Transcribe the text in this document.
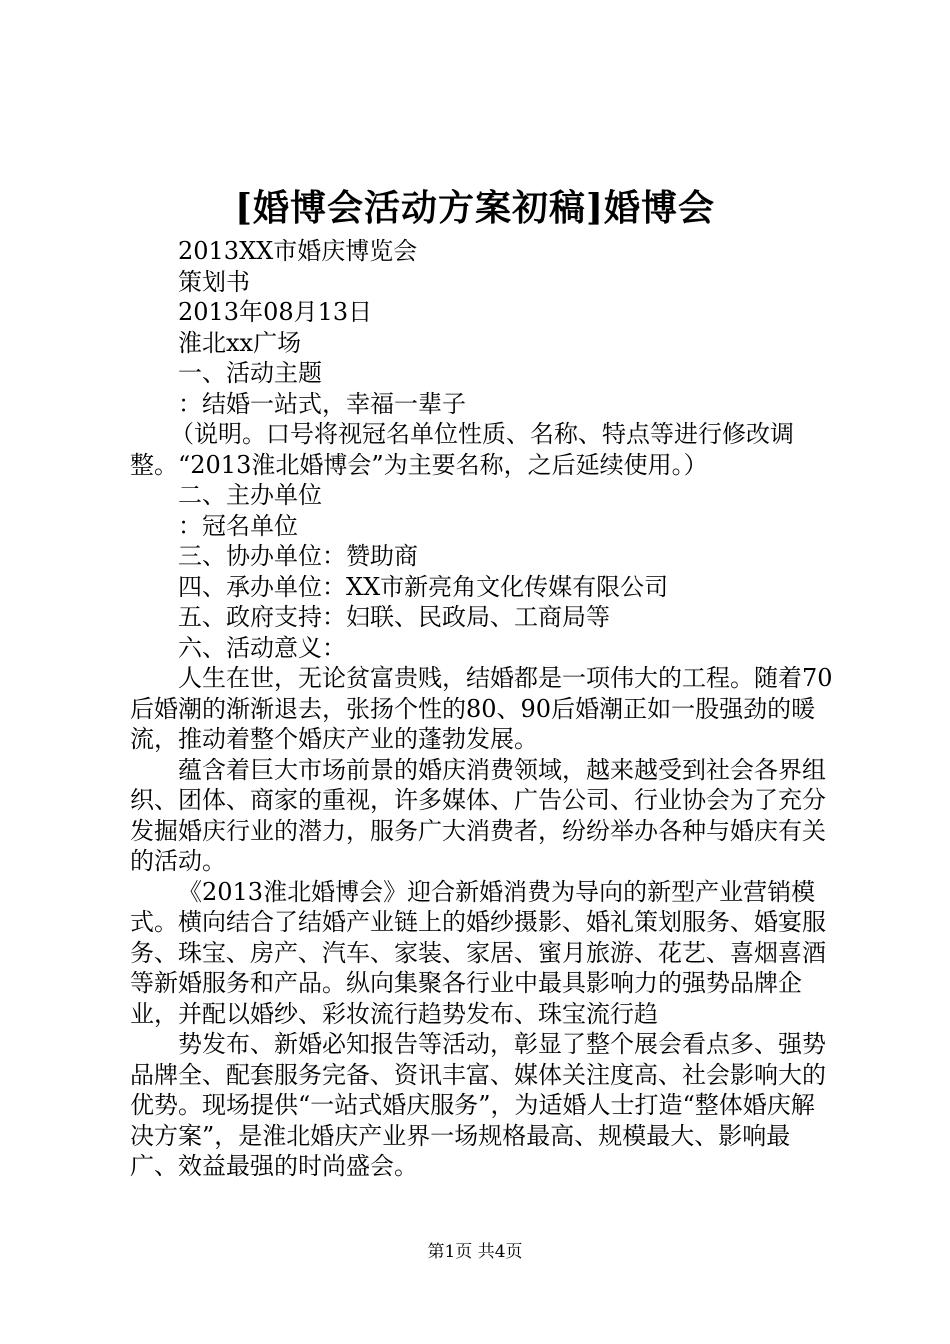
[婚博会活动方案初稿]婚博会

2013XX市婚庆博览会

策划书

2013年08月13日

淮北xx广场

一、活动主题

：结婚一站式，幸福一辈子

（说明。口号将视冠名单位性质、名称、特点等进行修改调整。“2013淮北婚博会”为主要名称，之后延续使用。）

二、主办单位

：冠名单位

三、协办单位：赞助商

四、承办单位：XX市新亮角文化传媒有限公司

五、政府支持：妇联、民政局、工商局等

六、活动意义：

人生在世，无论贫富贵贱，结婚都是一项伟大的工程。随着70后婚潮的渐渐退去，张扬个性的80、90后婚潮正如一股强劲的暖流，推动着整个婚庆产业的蓬勃发展。

蕴含着巨大市场前景的婚庆消费领域，越来越受到社会各界组织、团体、商家的重视，许多媒体、广告公司、行业协会为了充分发掘婚庆行业的潜力，服务广大消费者，纷纷举办各种与婚庆有关的活动。

《2013淮北婚博会》迎合新婚消费为导向的新型产业营销模式。横向结合了结婚产业链上的婚纱摄影、婚礼策划服务、婚宴服务、珠宝、房产、汽车、家装、家居、蜜月旅游、花艺、喜烟喜酒等新婚服务和产品。纵向集聚各行业中最具影响力的强势品牌企业，并配以婚纱、彩妆流行趋势发布、珠宝流行趋

势发布、新婚必知报告等活动，彰显了整个展会看点多、强势品牌全、配套服务完备、资讯丰富、媒体关注度高、社会影响大的优势。现场提供“一站式婚庆服务”，为适婚人士打造“整体婚庆解决方案”，是淮北婚庆产业界一场规格最高、规模最大、影响最广、效益最强的时尚盛会。

第1页 共4页
